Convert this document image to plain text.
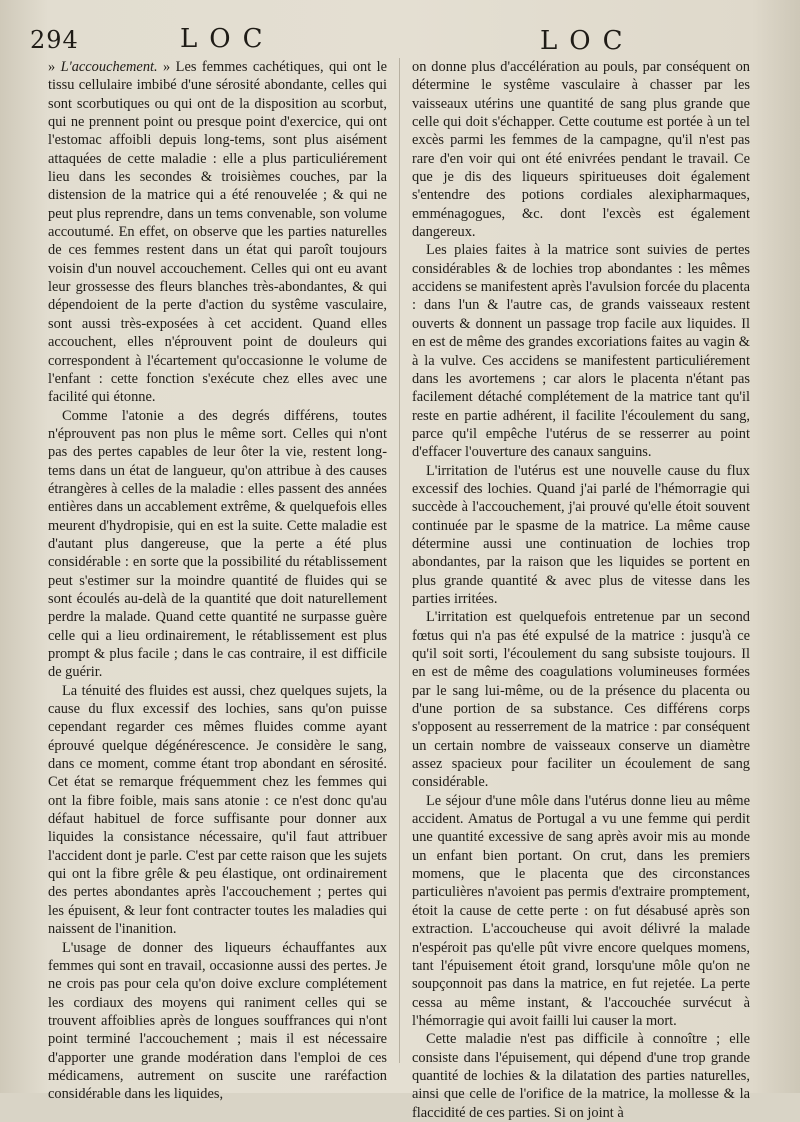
294	LOC	LOC

» L'accouchement. » Les femmes cachétiques, qui ont le tissu cellulaire imbibé d'une sérosité abondante, celles qui sont scorbutiques ou qui ont de la disposition au scorbut, qui ne prennent point ou presque point d'exercice, qui ont l'estomac affoibli depuis long-tems, sont plus aisément attaquées de cette maladie : elle a plus particuliérement lieu dans les secondes & troisièmes couches, par la distension de la matrice qui a été renouvelée ; & qui ne peut plus reprendre, dans un tems convenable, son volume accoutumé. En effet, on observe que les parties naturelles de ces femmes restent dans un état qui paroît toujours voisin d'un nouvel accouchement. Celles qui ont eu avant leur grossesse des fleurs blanches très-abondantes, & qui dépendoient de la perte d'action du systême vasculaire, sont aussi très-exposées à cet accident. Quand elles accouchent, elles n'éprouvent point de douleurs qui correspondent à l'écartement qu'occasionne le volume de l'enfant : cette fonction s'exécute chez elles avec une facilité qui étonne.

Comme l'atonie a des degrés différens, toutes n'éprouvent pas non plus le même sort. Celles qui n'ont pas des pertes capables de leur ôter la vie, restent long-tems dans un état de langueur, qu'on attribue à des causes étrangères à celles de la maladie : elles passent des années entières dans un accablement extrême, & quelquefois elles meurent d'hydropisie, qui en est la suite. Cette maladie est d'autant plus dangereuse, que la perte a été plus considérable : en sorte que la possibilité du rétablissement peut s'estimer sur la moindre quantité de fluides qui se sont écoulés au-delà de la quantité que doit naturellement perdre la malade. Quand cette quantité ne surpasse guère celle qui a lieu ordinairement, le rétablissement est plus prompt & plus facile ; dans le cas contraire, il est difficile de guérir.

La ténuité des fluides est aussi, chez quelques sujets, la cause du flux excessif des lochies, sans qu'on puisse cependant regarder ces mêmes fluides comme ayant éprouvé quelque dégénérescence. Je considère le sang, dans ce moment, comme étant trop abondant en sérosité. Cet état se remarque fréquemment chez les femmes qui ont la fibre foible, mais sans atonie : ce n'est donc qu'au défaut habituel de force suffisante pour donner aux liquides la consistance nécessaire, qu'il faut attribuer l'accident dont je parle. C'est par cette raison que les sujets qui ont la fibre grêle & peu élastique, ont ordinairement des pertes abondantes après l'accouchement ; pertes qui les épuisent, & leur font contracter toutes les maladies qui naissent de l'inanition.

L'usage de donner des liqueurs échauffantes aux femmes qui sont en travail, occasionne aussi des pertes. Je ne crois pas pour cela qu'on doive exclure complétement les cordiaux des moyens qui raniment celles qui se trouvent affoiblies après de longues souffrances qui n'ont point terminé l'accouchement ; mais il est nécessaire d'apporter une grande modération dans l'emploi de ces médicamens, autrement on suscite une raréfaction considérable dans les liquides,

on donne plus d'accélération au pouls, par conséquent on détermine le systême vasculaire à chasser par les vaisseaux utérins une quantité de sang plus grande que celle qui doit s'échapper. Cette coutume est portée à un tel excès parmi les femmes de la campagne, qu'il n'est pas rare d'en voir qui ont été enivrées pendant le travail. Ce que je dis des liqueurs spiritueuses doit également s'entendre des potions cordiales alexipharmaques, emménagogues, &c. dont l'excès est également dangereux.

Les plaies faites à la matrice sont suivies de pertes considérables & de lochies trop abondantes : les mêmes accidens se manifestent après l'avulsion forcée du placenta : dans l'un & l'autre cas, de grands vaisseaux restent ouverts & donnent un passage trop facile aux liquides. Il en est de même des grandes excoriations faites au vagin & à la vulve. Ces accidens se manifestent particuliérement dans les avortemens ; car alors le placenta n'étant pas facilement détaché complétement de la matrice tant qu'il reste en partie adhérent, il facilite l'écoulement du sang, parce qu'il empêche l'utérus de se resserrer au point d'effacer l'ouverture des canaux sanguins.

L'irritation de l'utérus est une nouvelle cause du flux excessif des lochies. Quand j'ai parlé de l'hémorragie qui succède à l'accouchement, j'ai prouvé qu'elle étoit souvent continuée par le spasme de la matrice. La même cause détermine aussi une continuation de lochies trop abondantes, par la raison que les liquides se portent en plus grande quantité & avec plus de vitesse dans les parties irritées.

L'irritation est quelquefois entretenue par un second fœtus qui n'a pas été expulsé de la matrice : jusqu'à ce qu'il soit sorti, l'écoulement du sang subsiste toujours. Il en est de même des coagulations volumineuses formées par le sang lui-même, ou de la présence du placenta ou d'une portion de sa substance. Ces différens corps s'opposent au resserrement de la matrice : par conséquent un certain nombre de vaisseaux conserve un diamètre assez spacieux pour faciliter un écoulement de sang considérable.

Le séjour d'une môle dans l'utérus donne lieu au même accident. Amatus de Portugal a vu une femme qui perdit une quantité excessive de sang après avoir mis au monde un enfant bien portant. On crut, dans les premiers momens, que le placenta que des circonstances particulières n'avoient pas permis d'extraire promptement, étoit la cause de cette perte : on fut désabusé après son extraction. L'accoucheuse qui avoit délivré la malade n'espéroit pas qu'elle pût vivre encore quelques momens, tant l'épuisement étoit grand, lorsqu'une môle qu'on ne soupçonnoit pas dans la matrice, en fut rejetée. La perte cessa au même instant, & l'accouchée survécut à l'hémorragie qui avoit failli lui causer la mort.

Cette maladie n'est pas difficile à connoître ; elle consiste dans l'épuisement, qui dépend d'une trop grande quantité de lochies & la dilatation des parties naturelles, ainsi que celle de l'orifice de la matrice, la mollesse & la flaccidité de ces parties. Si on joint à
